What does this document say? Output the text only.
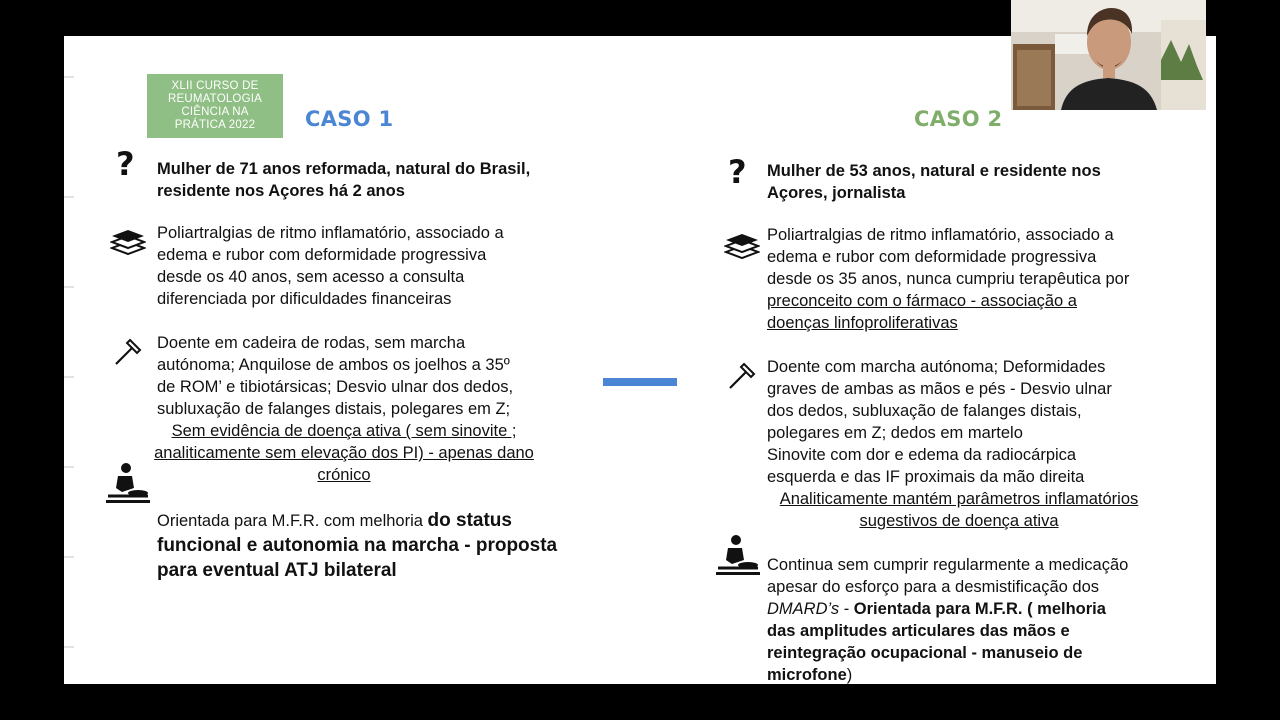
XLII CURSO DE
REUMATOLOGIA
CIÊNCIA NA
PRÁTICA 2022	CASO 1	CASO 2
? Mulher de 71 anos reformada, natural do Brasil,
residente nos Açores há 2 anos
Poliartralgias de ritmo inflamatório, associado a
edema e rubor com deformidade progressiva
desde os 40 anos, sem acesso a consulta
diferenciada por dificuldades financeiras
Doente em cadeira de rodas, sem marcha
autónoma; Anquilose de ambos os joelhos a 35º
de ROM’ e tibiotársicas; Desvio ulnar dos dedos,
subluxação de falanges distais, polegares em Z;
Sem evidência de doença ativa ( sem sinovite ;
analiticamente sem elevação dos PI) - apenas dano
crónico
Orientada para M.F.R. com melhoria do status
funcional e autonomia na marcha - proposta
para eventual ATJ bilateral
? Mulher de 53 anos, natural e residente nos
Açores, jornalista
Poliartralgias de ritmo inflamatório, associado a
edema e rubor com deformidade progressiva
desde os 35 anos, nunca cumpriu terapêutica por
preconceito com o fármaco - associação a
doenças linfoproliferativas
Doente com marcha autónoma; Deformidades
graves de ambas as mãos e pés - Desvio ulnar
dos dedos, subluxação de falanges distais,
polegares em Z; dedos em martelo
Sinovite com dor e edema da radiocárpica
esquerda e das IF proximais da mão direita
Analiticamente mantém parâmetros inflamatórios
sugestivos de doença ativa
Continua sem cumprir regularmente a medicação
apesar do esforço para a desmistificação dos
DMARD’s - Orientada para M.F.R. ( melhoria
das amplitudes articulares das mãos e
reintegração ocupacional - manuseio de
microfone)
